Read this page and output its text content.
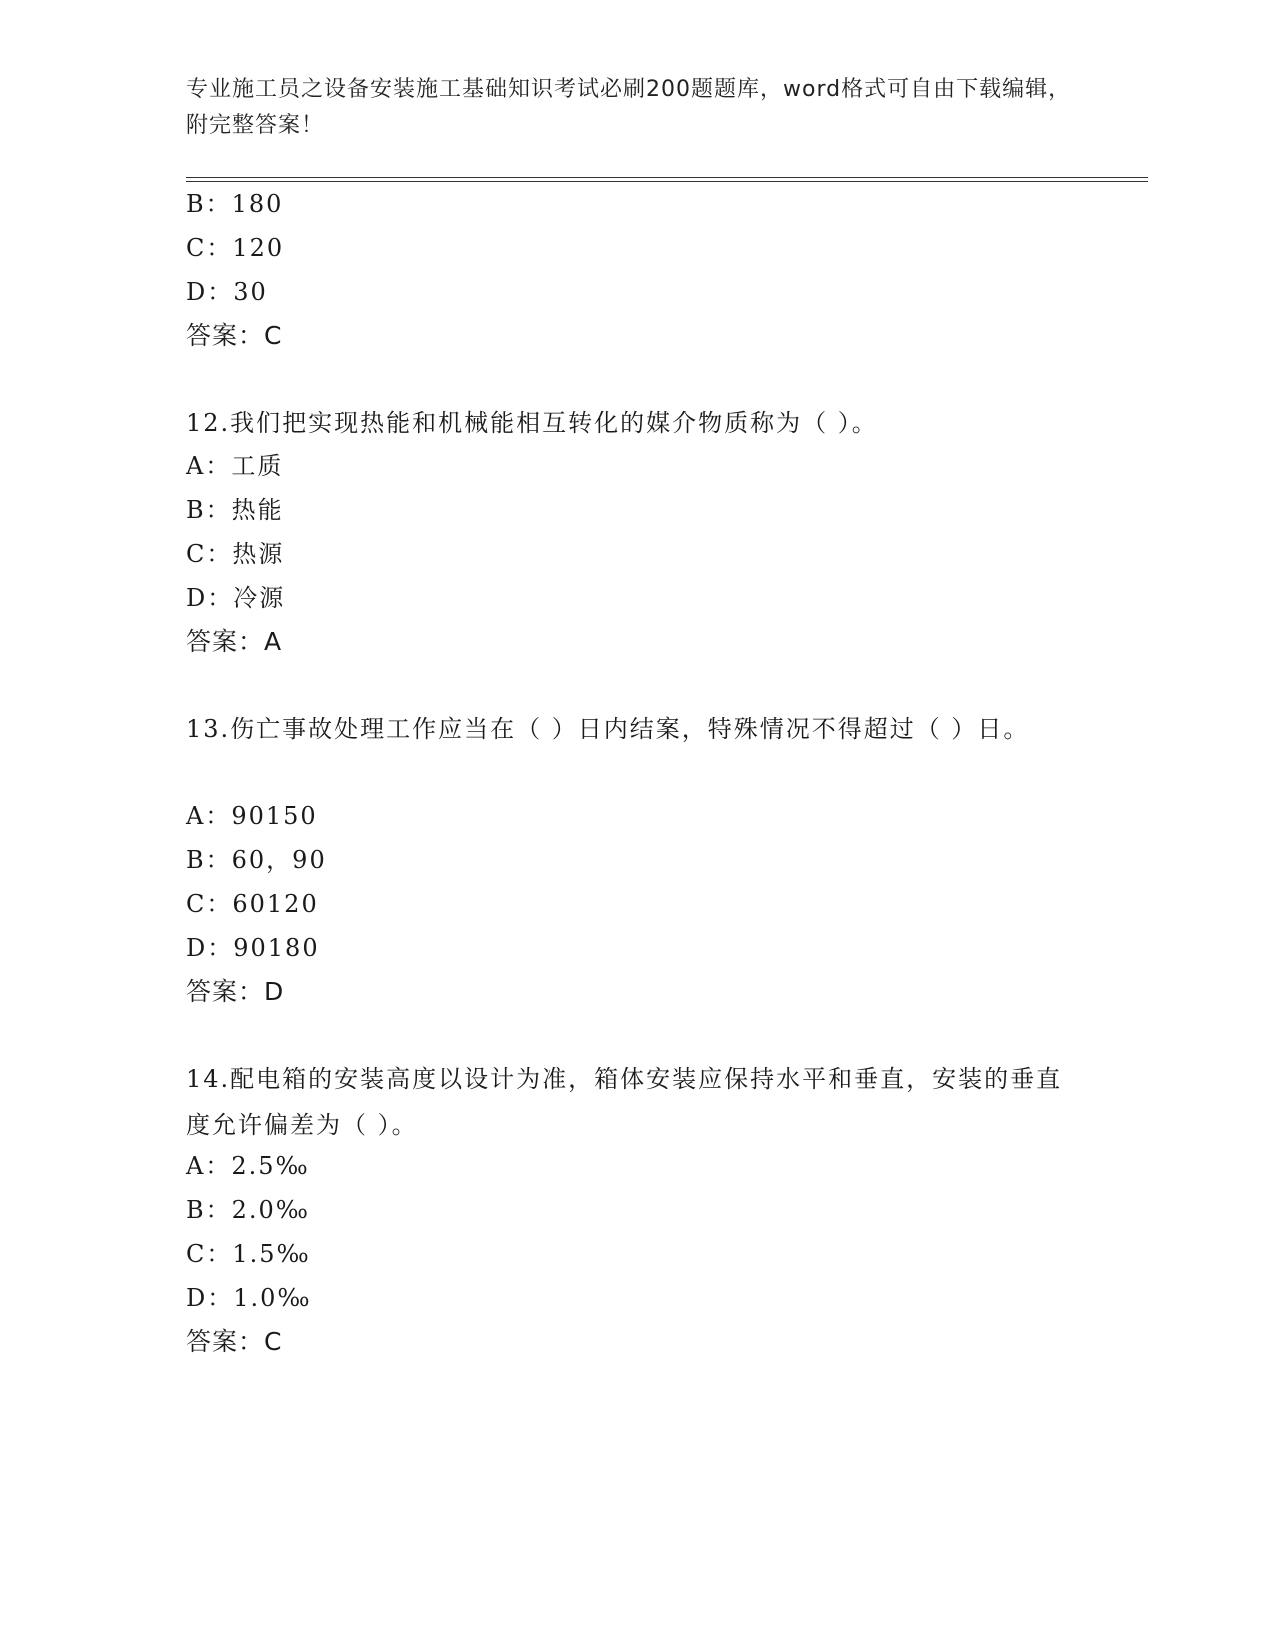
专业施工员之设备安装施工基础知识考试必刷200题题库，word格式可自由下载编辑，附完整答案！
B：180
C：120
D：30
答案：C
12.我们把实现热能和机械能相互转化的媒介物质称为（ ）。
A：工质
B：热能
C：热源
D：冷源
答案：A
13.伤亡事故处理工作应当在（ ）日内结案，特殊情况不得超过（ ）日。
A：90150
B：60，90
C：60120
D：90180
答案：D
14.配电箱的安装高度以设计为准，箱体安装应保持水平和垂直，安装的垂直度允许偏差为（ ）。
A：2.5‰
B：2.0‰
C：1.5‰
D：1.0‰
答案：C
